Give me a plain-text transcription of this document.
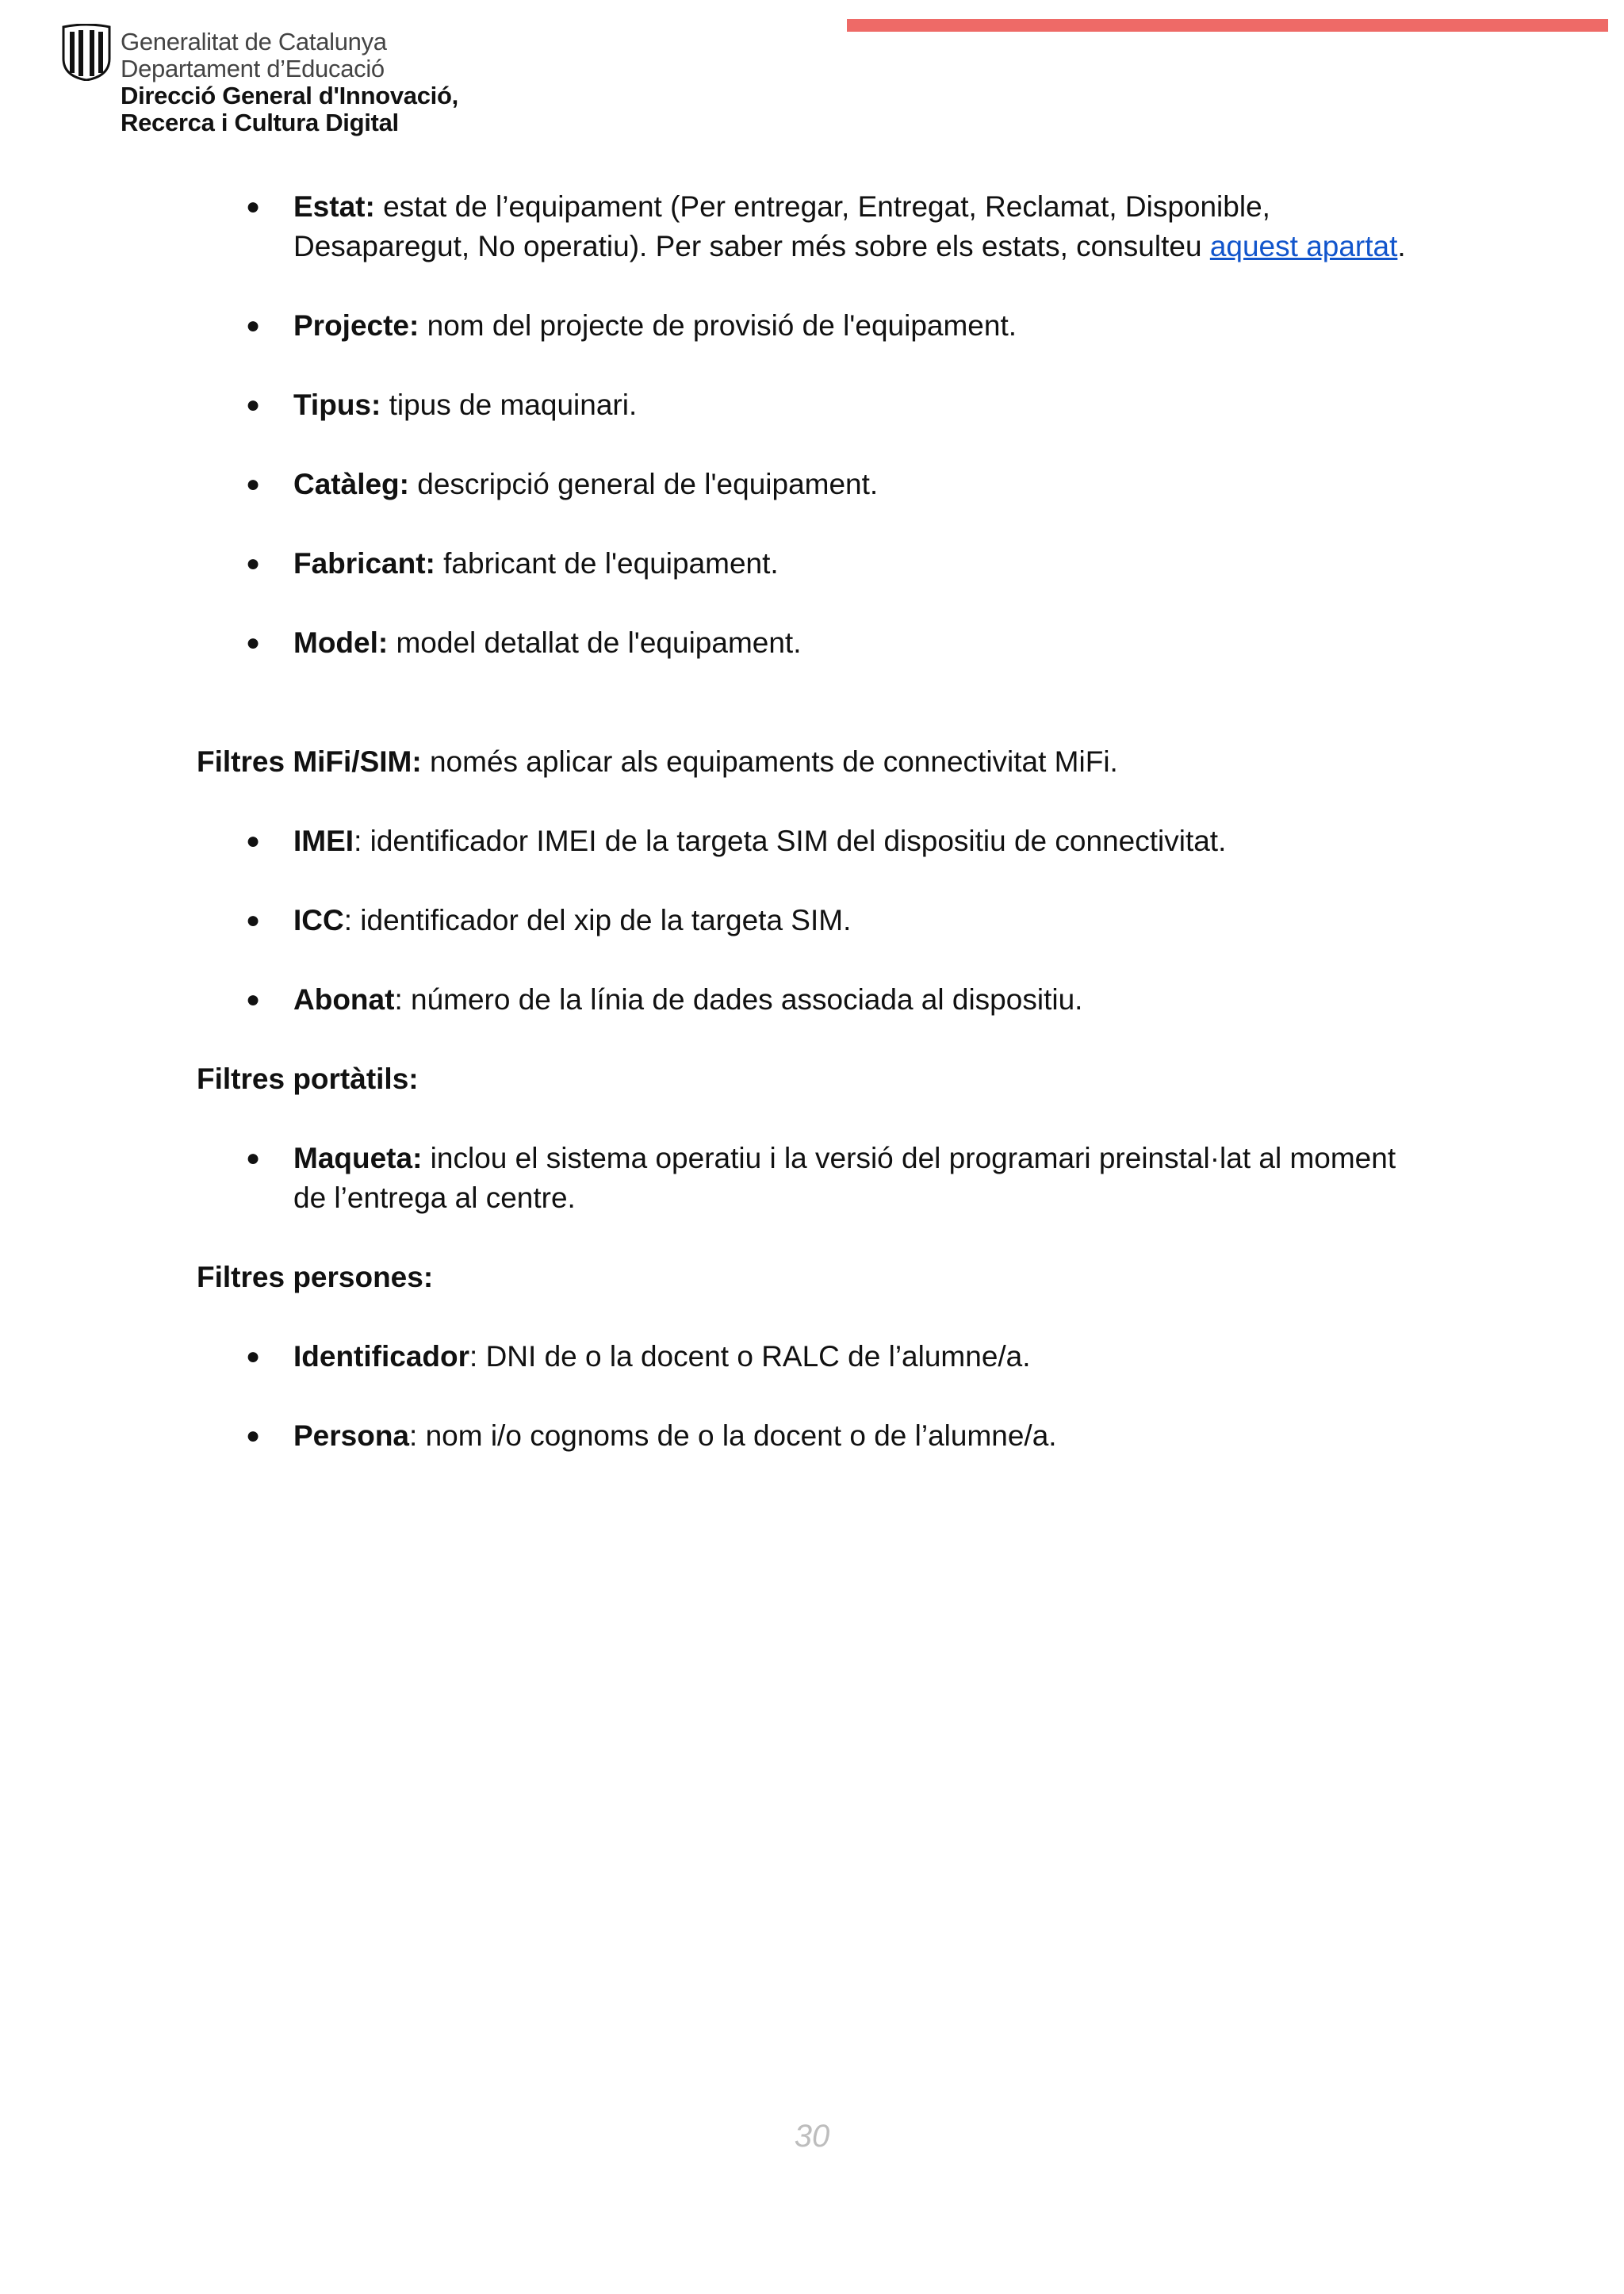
Generalitat de Catalunya
Departament d’Educació
Direcció General d'Innovació,
Recerca i Cultura Digital
● Estat: estat de l’equipament (Per entregar, Entregat, Reclamat, Disponible, Desaparegut, No operatiu). Per saber més sobre els estats, consulteu aquest apartat.
● Projecte: nom del projecte de provisió de l'equipament.
● Tipus: tipus de maquinari.
● Catàleg: descripció general de l'equipament.
● Fabricant: fabricant de l'equipament.
● Model: model detallat de l'equipament.

Filtres MiFi/SIM: només aplicar als equipaments de connectivitat MiFi.

● IMEI: identificador IMEI de la targeta SIM del dispositiu de connectivitat.
● ICC: identificador del xip de la targeta SIM.
● Abonat: número de la línia de dades associada al dispositiu.

Filtres portàtils:

● Maqueta: inclou el sistema operatiu i la versió del programari preinstal·lat al moment de l’entrega al centre.

Filtres persones:

● Identificador: DNI de o la docent o RALC de l’alumne/a.
● Persona: nom i/o cognoms de o la docent o de l’alumne/a.
30
